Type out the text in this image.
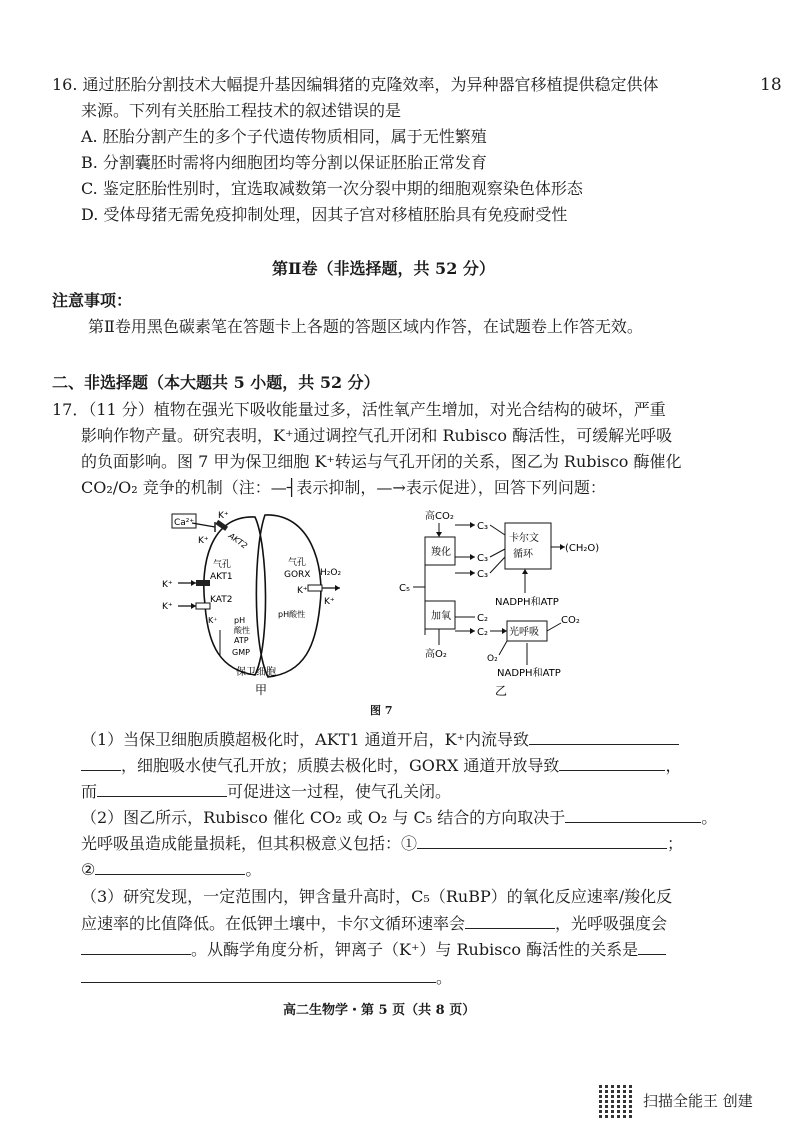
18
16. 通过胚胎分割技术大幅提升基因编辑猪的克隆效率，为异种器官移植提供稳定供体
来源。下列有关胚胎工程技术的叙述错误的是
A. 胚胎分割产生的多个子代遗传物质相同，属于无性繁殖
B. 分割囊胚时需将内细胞团均等分割以保证胚胎正常发育
C. 鉴定胚胎性别时，宜选取减数第一次分裂中期的细胞观察染色体形态
D. 受体母猪无需免疫抑制处理，因其子宫对移植胚胎具有免疫耐受性
第Ⅱ卷（非选择题，共 52 分）
注意事项：
第Ⅱ卷用黑色碳素笔在答题卡上各题的答题区域内作答，在试题卷上作答无效。
二、非选择题（本大题共 5 小题，共 52 分）
17．（11 分）植物在强光下吸收能量过多，活性氧产生增加，对光合结构的破坏，严重
影响作物产量。研究表明，K⁺通过调控气孔开闭和 Rubisco 酶活性，可缓解光呼吸
的负面影响。图 7 甲为保卫细胞 K⁺转运与气孔开闭的关系，图乙为 Rubisco 酶催化
CO₂/O₂ 竞争的机制（注：—┤表示抑制，—→表示促进），回答下列问题：
Ca²⁺
K⁺
K⁺ AKT2
气孔
AKT1
K⁺
KAT2
K⁺
K⁺ pH
酸性
ATP
GMP
气孔
GORX H₂O₂
K⁺
K⁺
pH酸性
保卫细胞
甲
高CO₂
羧化
C₅
加氧
高O₂
C₃
C₃
C₃
卡尔文
循环
(CH₂O)
NADPH和ATP
C₂
C₂
光呼吸
CO₂
O₂
NADPH和ATP
乙
图 7
（1）当保卫细胞质膜超极化时，AKT1 通道开启，K⁺内流导致
，细胞吸水使气孔开放；质膜去极化时，GORX 通道开放导致	，
而	可促进这一过程，使气孔关闭。
（2）图乙所示，Rubisco 催化 CO₂ 或 O₂ 与 C₅ 结合的方向取决于	。
光呼吸虽造成能量损耗，但其积极意义包括：①	；
②	。
（3）研究发现，一定范围内，钾含量升高时，C₅（RuBP）的氧化反应速率/羧化反
应速率的比值降低。在低钾土壤中，卡尔文循环速率会	，光呼吸强度会
。从酶学角度分析，钾离子（K⁺）与 Rubisco 酶活性的关系是
。
高二生物学・第 5 页（共 8 页）
扫描全能王 创建
